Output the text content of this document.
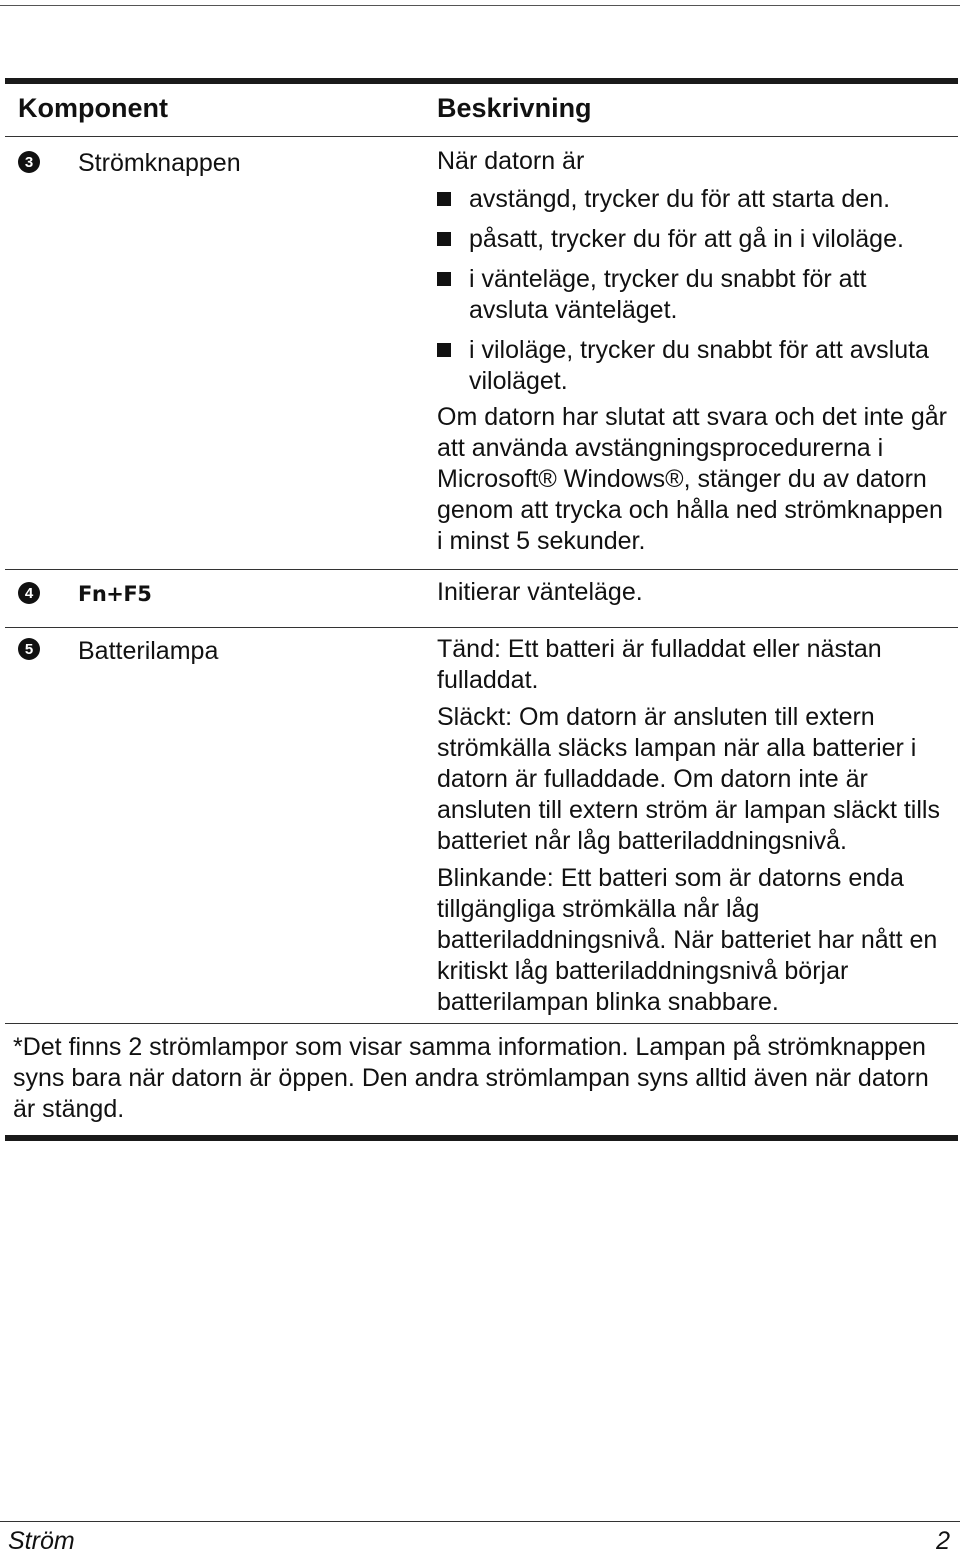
Komponent	Beskrivning
3 Strömknappen	När datorn är

avstängd, trycker du för att starta den.

påsatt, trycker du för att gå in i viloläge.

i vänteläge, trycker du snabbt för att avsluta vänteläget.

i viloläge, trycker du snabbt för att avsluta viloläget.

Om datorn har slutat att svara och det inte går att använda avstängningsprocedurerna i Microsoft® Windows®, stänger du av datorn genom att trycka och hålla ned strömknappen i minst 5 sekunder.

4	Fn+F5	Initierar vänteläge.

5 Batterilampa	Tänd: Ett batteri är fulladdat eller nästan fulladdat.

Släckt: Om datorn är ansluten till extern strömkälla släcks lampan när alla batterier i datorn är fulladdade. Om datorn inte är ansluten till extern ström är lampan släckt tills batteriet når låg batteriladdningsnivå.

Blinkande: Ett batteri som är datorns enda tillgängliga strömkälla når låg batteriladdningsnivå. När batteriet har nått en kritiskt låg batteriladdningsnivå börjar batterilampan blinka snabbare.

*Det finns 2 strömlampor som visar samma information. Lampan på strömknappen syns bara när datorn är öppen. Den andra strömlampan syns alltid även när datorn är stängd.
Ström	2
